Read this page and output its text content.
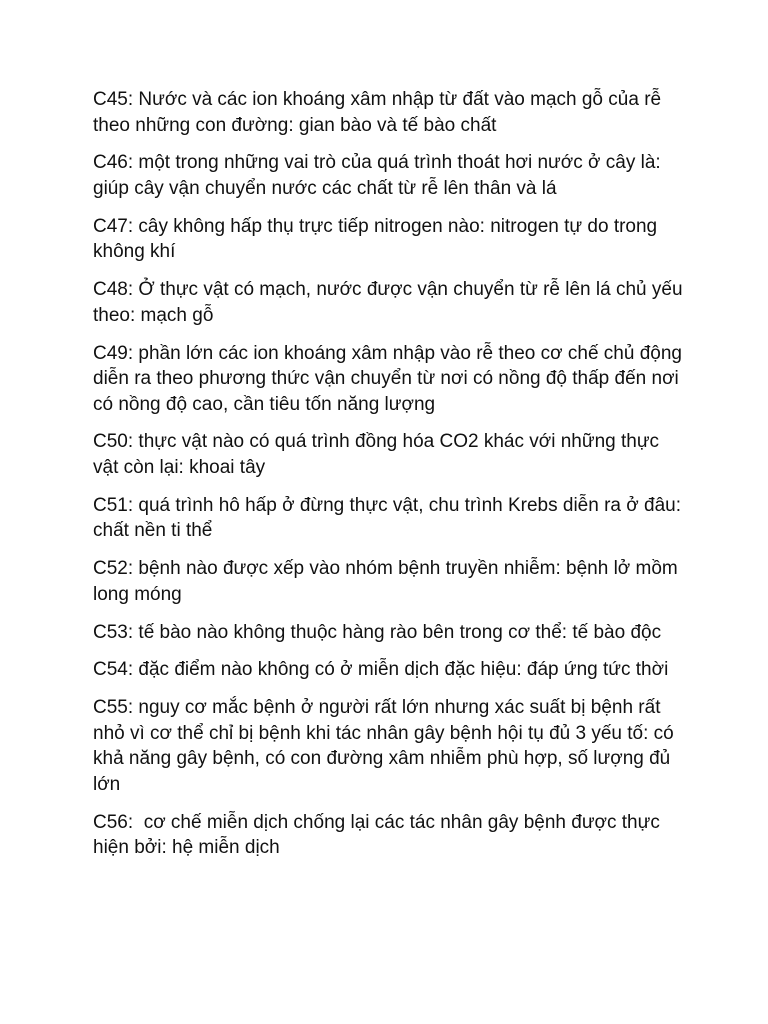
C45: Nước và các ion khoáng xâm nhập từ đất vào mạch gỗ của rễ theo những con đường: gian bào và tế bào chất

C46: một trong những vai trò của quá trình thoát hơi nước ở cây là: giúp cây vận chuyển nước các chất từ rễ lên thân và lá

C47: cây không hấp thụ trực tiếp nitrogen nào: nitrogen tự do trong không khí

C48: Ở thực vật có mạch, nước được vận chuyển từ rễ lên lá chủ yếu theo: mạch gỗ

C49: phần lớn các ion khoáng xâm nhập vào rễ theo cơ chế chủ động diễn ra theo phương thức vận chuyển từ nơi có nồng độ thấp đến nơi có nồng độ cao, cần tiêu tốn năng lượng

C50: thực vật nào có quá trình đồng hóa CO2 khác với những thực vật còn lại: khoai tây

C51: quá trình hô hấp ở đừng thực vật, chu trình Krebs diễn ra ở đâu: chất nền ti thể

C52: bệnh nào được xếp vào nhóm bệnh truyền nhiễm: bệnh lở mồm long móng

C53: tế bào nào không thuộc hàng rào bên trong cơ thể: tế bào độc

C54: đặc điểm nào không có ở miễn dịch đặc hiệu: đáp ứng tức thời

C55: nguy cơ mắc bệnh ở người rất lớn nhưng xác suất bị bệnh rất nhỏ vì cơ thể chỉ bị bệnh khi tác nhân gây bệnh hội tụ đủ 3 yếu tố: có khả năng gây bệnh, có con đường xâm nhiễm phù hợp, số lượng đủ lớn

C56:  cơ chế miễn dịch chống lại các tác nhân gây bệnh được thực hiện bởi: hệ miễn dịch
